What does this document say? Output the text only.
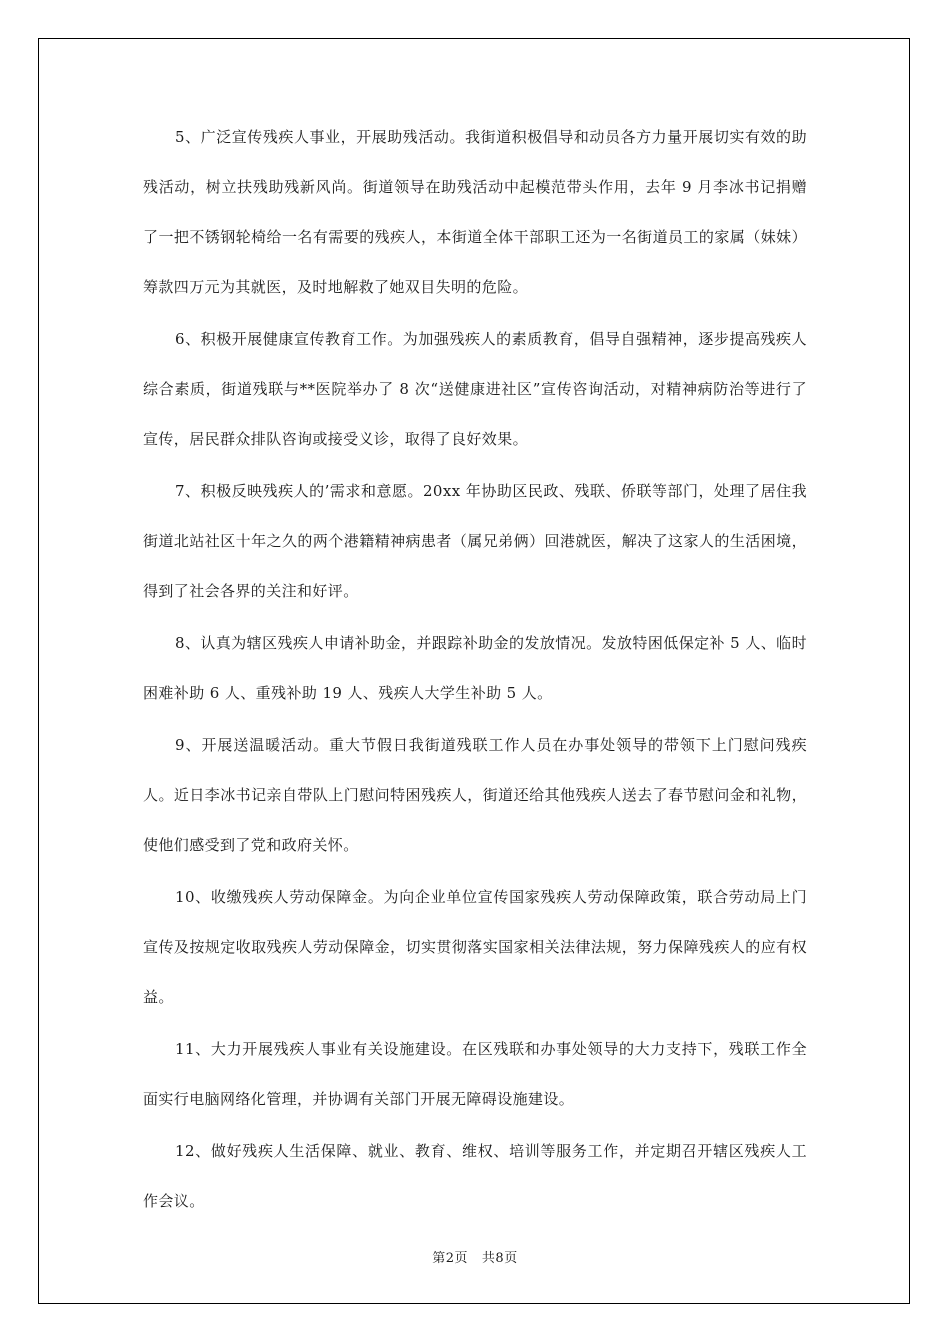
5、广泛宣传残疾人事业，开展助残活动。我街道积极倡导和动员各方力量开展切实有效的助残活动，树立扶残助残新风尚。街道领导在助残活动中起模范带头作用，去年 9 月李冰书记捐赠了一把不锈钢轮椅给一名有需要的残疾人，本街道全体干部职工还为一名街道员工的家属（妹妹）筹款四万元为其就医，及时地解救了她双目失明的危险。

6、积极开展健康宣传教育工作。为加强残疾人的素质教育，倡导自强精神，逐步提高残疾人综合素质，街道残联与**医院举办了 8 次“送健康进社区”宣传咨询活动，对精神病防治等进行了宣传，居民群众排队咨询或接受义诊，取得了良好效果。

7、积极反映残疾人的’需求和意愿。20xx 年协助区民政、残联、侨联等部门，处理了居住我街道北站社区十年之久的两个港籍精神病患者（属兄弟俩）回港就医，解决了这家人的生活困境，得到了社会各界的关注和好评。

8、认真为辖区残疾人申请补助金，并跟踪补助金的发放情况。发放特困低保定补 5 人、临时困难补助 6 人、重残补助 19 人、残疾人大学生补助 5 人。

9、开展送温暖活动。重大节假日我街道残联工作人员在办事处领导的带领下上门慰问残疾人。近日李冰书记亲自带队上门慰问特困残疾人，街道还给其他残疾人送去了春节慰问金和礼物，使他们感受到了党和政府关怀。

10、收缴残疾人劳动保障金。为向企业单位宣传国家残疾人劳动保障政策，联合劳动局上门宣传及按规定收取残疾人劳动保障金，切实贯彻落实国家相关法律法规，努力保障残疾人的应有权益。

11、大力开展残疾人事业有关设施建设。在区残联和办事处领导的大力支持下，残联工作全面实行电脑网络化管理，并协调有关部门开展无障碍设施建设。

12、做好残疾人生活保障、就业、教育、维权、培训等服务工作，并定期召开辖区残疾人工作会议。

第2页   共8页
